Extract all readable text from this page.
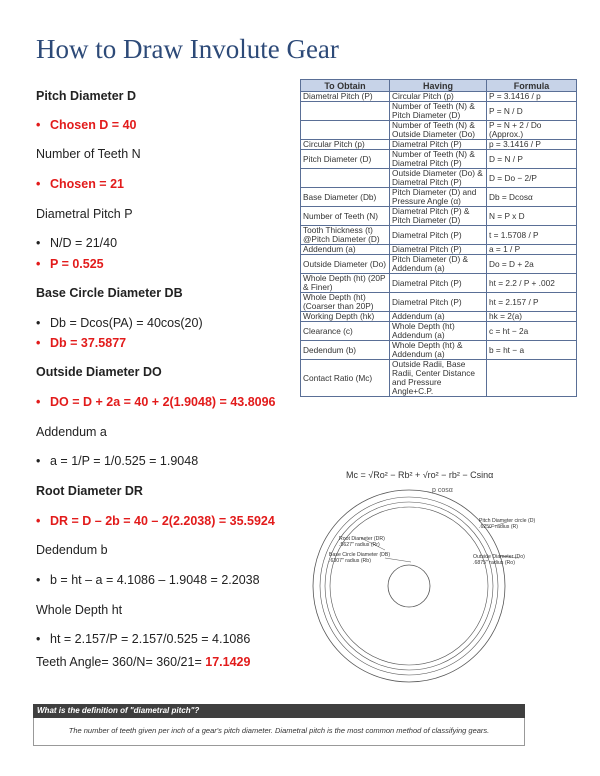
How to Draw Involute Gear
Pitch Diameter D
• Chosen D = 40
Number of Teeth N
• Chosen = 21
Diametral Pitch P
• N/D = 21/40
• P = 0.525
Base Circle Diameter DB
• Db = Dcos(PA) = 40cos(20)
• Db = 37.5877
Outside Diameter DO
• DO = D + 2a = 40 + 2(1.9048) = 43.8096
Addendum a
• a = 1/P = 1/0.525 = 1.9048
Root Diameter DR
• DR = D – 2b = 40 – 2(2.2038) = 35.5924
Dedendum b
• b = ht – a = 4.1086 – 1.9048 = 2.2038
Whole Depth ht
• ht = 2.157/P = 2.157/0.525 = 4.1086
Teeth Angle= 360/N= 360/21= 17.1429
To Obtain	Having	Formula
Diametral Pitch (P)	Circular Pitch (p)	P = 3.1416 / p
	Number of Teeth (N) & Pitch Diameter (D)	P = N / D
	Number of Teeth (N) & Outside Diameter (Do)	P = N + 2 / Do (Approx.)
Circular Pitch (p)	Diametral Pitch (P)	p = 3.1416 / P
Pitch Diameter (D)	Number of Teeth (N) & Diametral Pitch (P)	D = N / P
	Outside Diameter (Do) & Diametral Pitch (P)	D = Do − 2/P
Base Diameter (Db)	Pitch Diameter (D) and Pressure Angle (α)	Db = Dcosα
Number of Teeth (N)	Diametral Pitch (P) & Pitch Diameter (D)	N = P x D
Tooth Thickness (t) @Pitch Diameter (D)	Diametral Pitch (P)	t = 1.5708 / P
Addendum (a)	Diametral Pitch (P)	a = 1 / P
Outside Diameter (Do)	Pitch Diameter (D) & Addendum (a)	Do = D + 2a
Whole Depth (ht) (20P & Finer)	Diametral Pitch (P)	ht = 2.2 / P + .002
Whole Depth (ht) (Coarser than 20P)	Diametral Pitch (P)	ht = 2.157 / P
Working Depth (hk)	Addendum (a)	hk = 2(a)
Clearance (c)	Whole Depth (ht) Addendum (a)	c = ht − 2a
Dedendum (b)	Whole Depth (ht) & Addendum (a)	b = ht − a
Contact Ratio (Mc)	Outside Radii, Base Radii, Center Distance and Pressure Angle+C.P.	
Mc = √Ro² − Rb² + √ro² − rb² − Csinα
p cosα
Root Diameter (DR)
.5627" radius (Rr)
Base Circle Diameter (DB)
.6307" radius (Rb)
Pitch Diameter circle (D)
.6250" radius (R)
Outside Diameter (Do)
.6875" radius (Ro)
What is the definition of "diametral pitch"?
The number of teeth given per inch of a gear's pitch diameter. Diametral pitch is the most common method of classifying gears.
